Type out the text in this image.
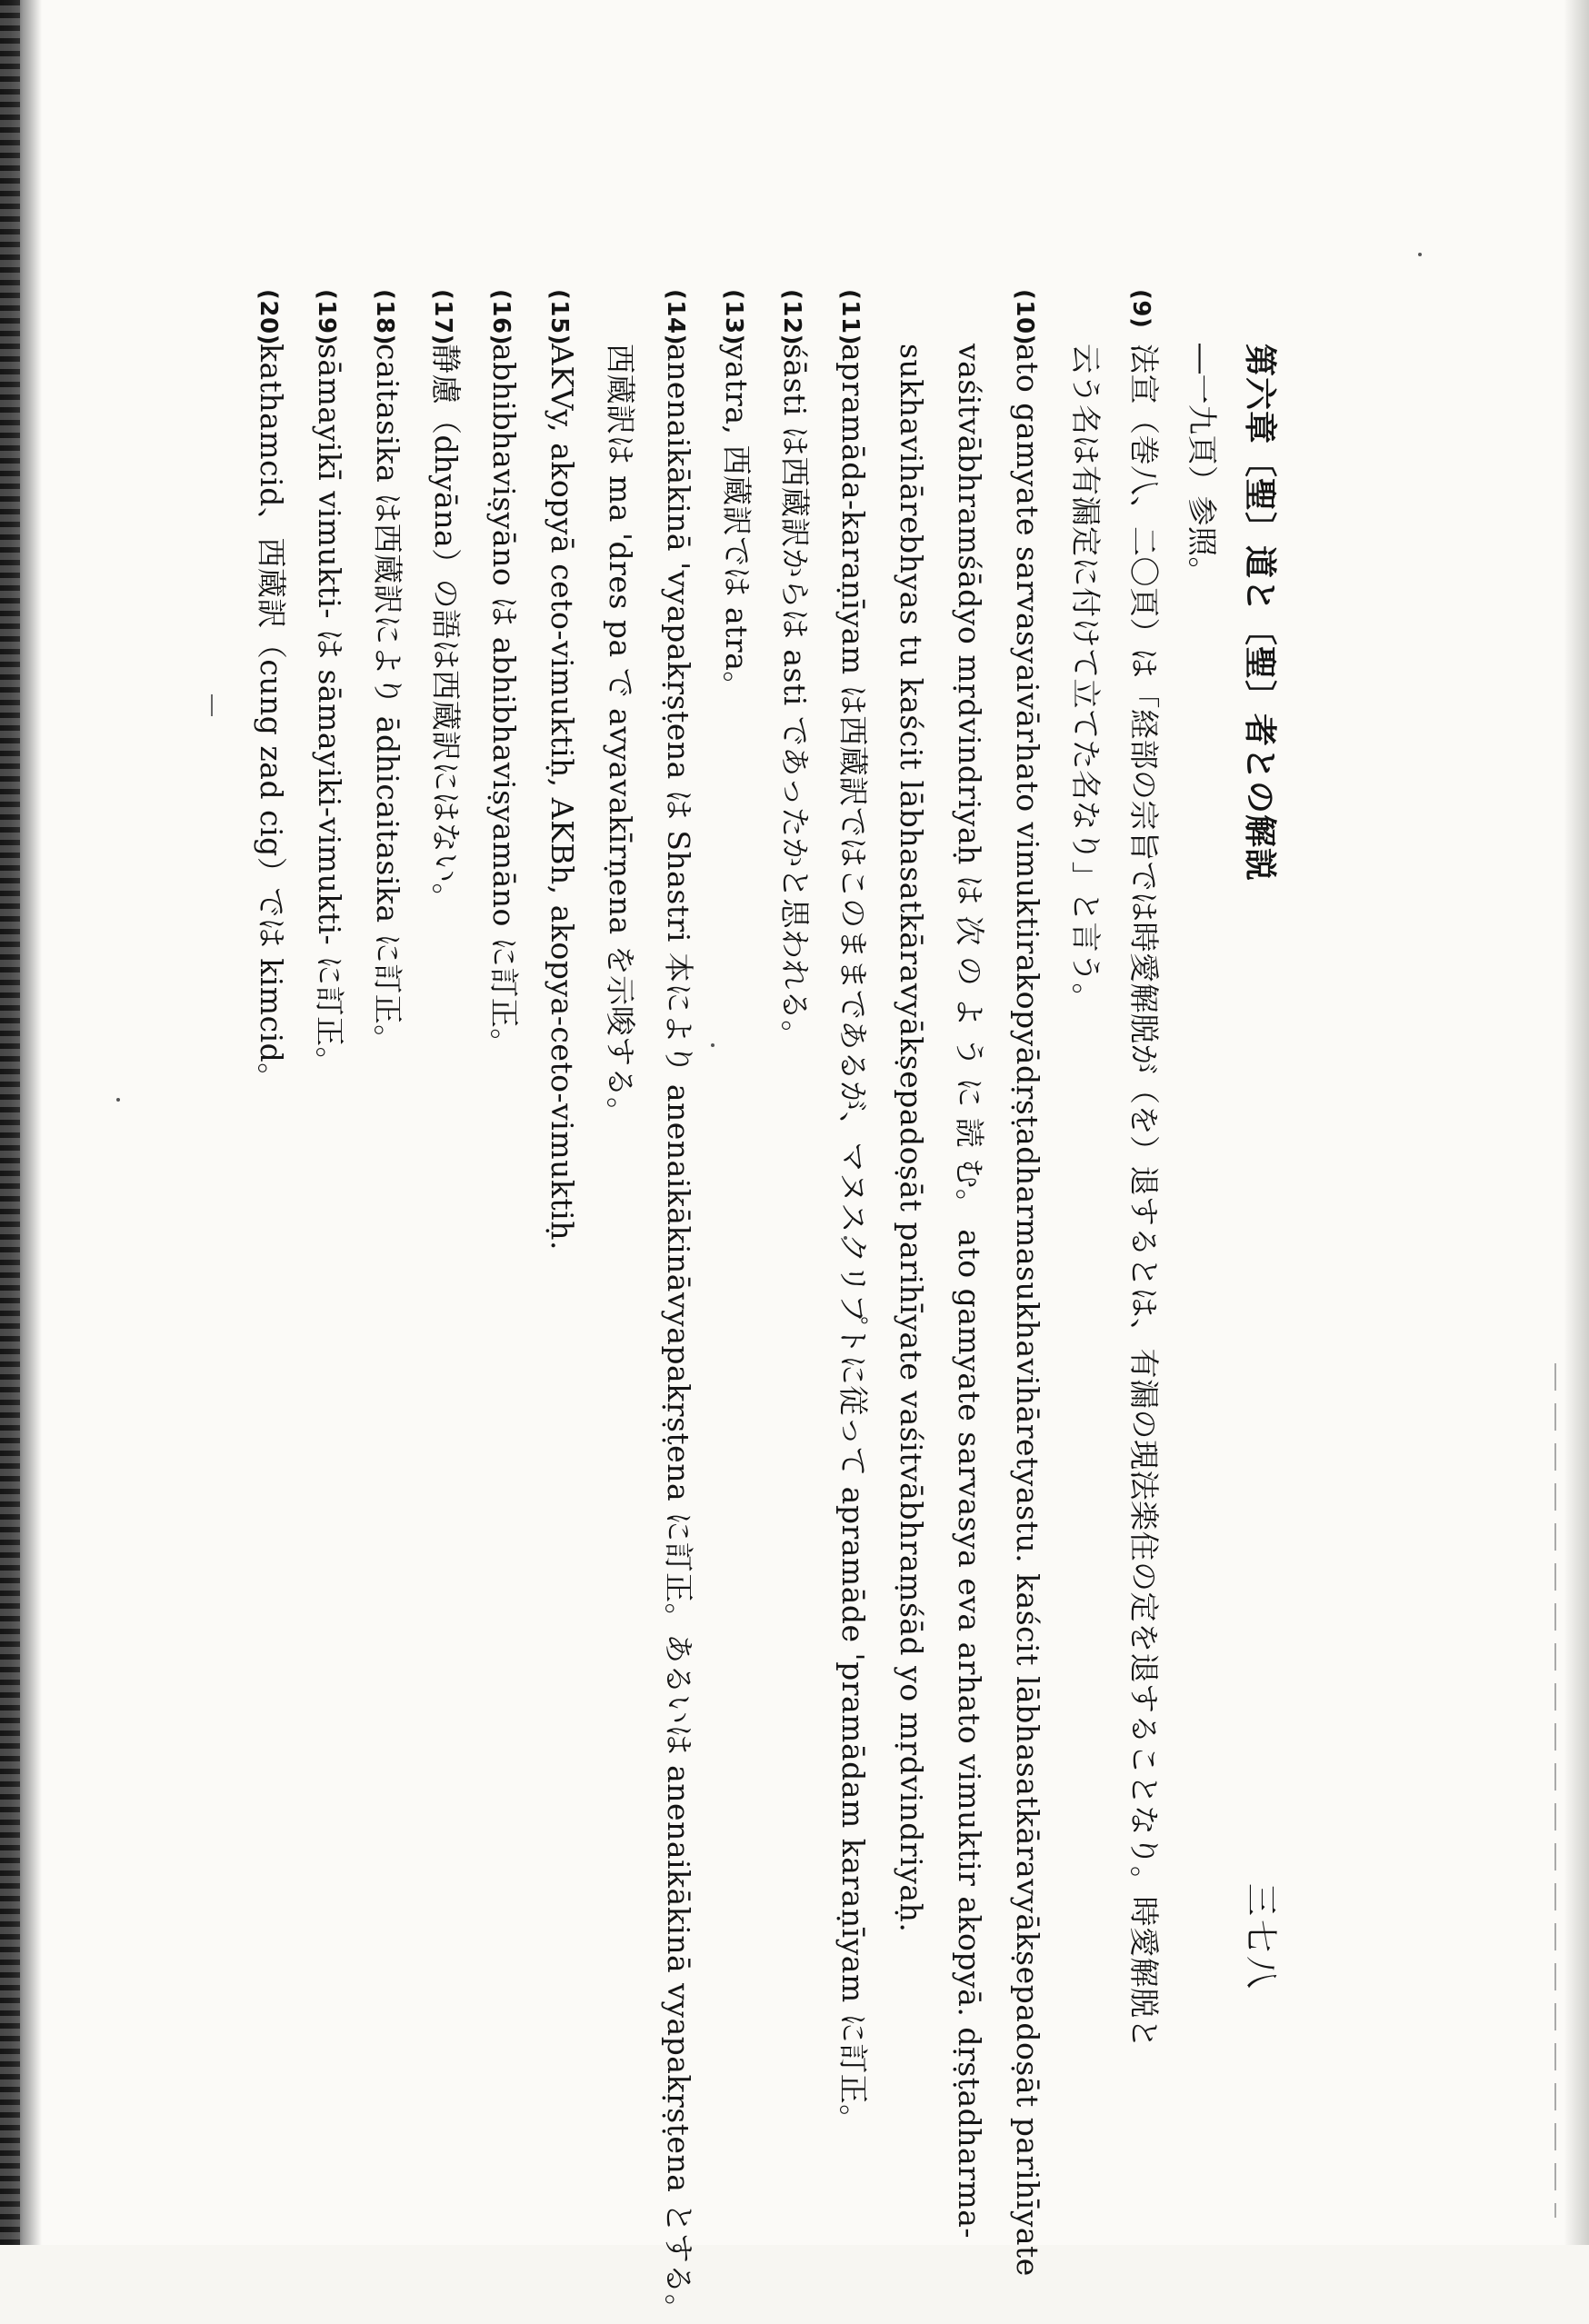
第六章〔聖〕道と〔聖〕者との解説
―一九頁）参照。
(9)法宣（巻八、二〇頁）は「経部の宗旨では時愛解脱が（を）退するとは、有漏の現法楽住の定を退することなり。時愛解脱と
云う名は有漏定に付けて立てた名なり」と言う。
(10)ato gamyate sarvasyaivārhato vimuktirakopyādṛṣṭadharmasukhavihāretyastu. kaścit lābhasatkāravyākṣepadoṣāt parihīyate
vaśitvābhramśādyo mṛdvindriyaḥ は 次 の よ う に 読 む。 ato gamyate sarvasya eva arhato vimuktir akopyā. dṛṣṭadharma-
sukhavihārebhyas tu kaścit lābhasatkāravyākṣepadoṣāt parihīyate vaśitvābhraṃśād yo mṛdvindriyaḥ.
(11)apramāda-karaṇīyam は西蔵訳ではこのままであるが、マヌスクリプトに従って apramāde 'pramādam karaṇīyam に訂正。
(12)śāsti は西蔵訳からは asti であったかと思われる。
(13)yatra, 西蔵訳では atra。
(14)anenaikākinā 'vyapakṛṣṭena は Shastri 本により anenaikākināvyapakṛṣṭena に訂正。あるいは anenaikākinā vyapakṛṣṭena とする。
西蔵訳は ma 'dres pa で avyavakīrṇena を示唆する。
(15)AKVy, akopyā ceto-vimuktiḥ, AKBh, akopya-ceto-vimuktiḥ.
(16)abhibhaviṣyāno は abhibhaviṣyamāno に訂正。
(17)静慮（dhyāna）の語は西蔵訳にはない。
(18)caitasika は西蔵訳により ādhicaitasika に訂正。
(19)sāmayikī vimukti- は sāmayiki-vimukti- に訂正。
(20)kathamcid、西蔵訳（cung zad cig）では kimcid。
三七八
